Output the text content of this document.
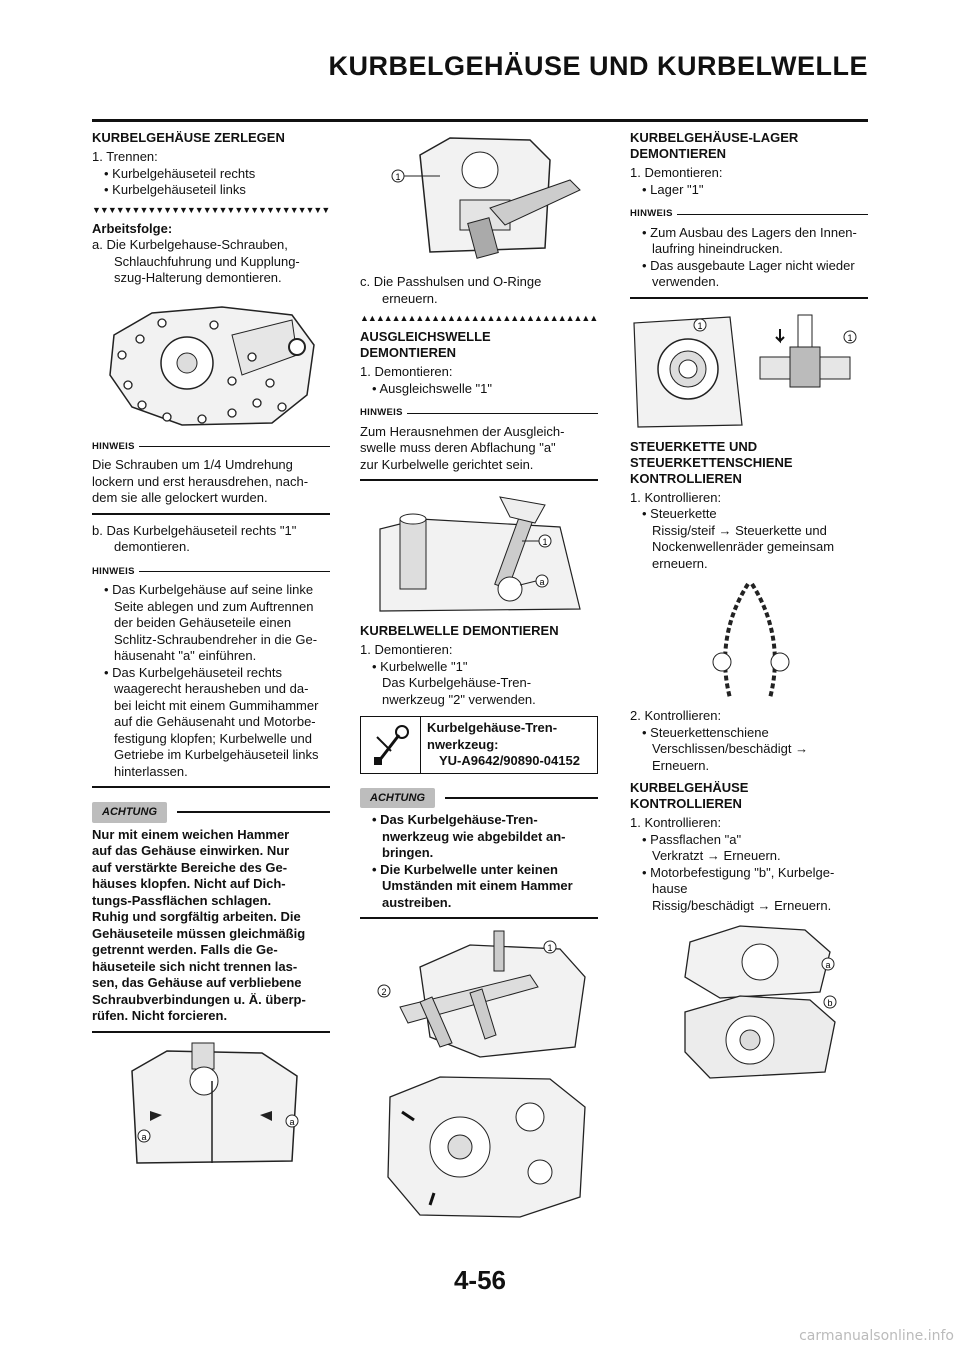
KURBELGEHÄUSE UND KURBELWELLE
KURBELGEHÄUSE ZERLEGEN

1. Trennen:

• Kurbelgehäuseteil rechts

• Kurbelgehäuseteil links

▼▼▼▼▼▼▼▼▼▼▼▼▼▼▼▼▼▼▼▼▼▼▼▼▼▼▼▼▼▼

Arbeitsfolge:

a. Die Kurbelgehause-Schrauben,

Schlauchfuhrung und Kupplung-

szug-Halterung demontieren.

HINWEIS

Die Schrauben um 1/4 Umdrehung

lockern und erst herausdrehen, nach-

dem sie alle gelockert wurden.

b. Das Kurbelgehäuseteil rechts "1"

demontieren.

HINWEIS

• Das Kurbelgehäuse auf seine linke

Seite ablegen und zum Auftrennen

der beiden Gehäuseteile einen

Schlitz-Schraubendreher in die Ge-

häusenaht "a" einführen.

• Das Kurbelgehäuseteil rechts

waagerecht herausheben und da-

bei leicht mit einem Gummihammer

auf die Gehäusenaht und Motorbe-

festigung klopfen; Kurbelwelle und

Getriebe im Kurbelgehäuseteil links

hinterlassen.

ACHTUNG

Nur mit einem weichen Hammer

auf das Gehäuse einwirken. Nur

auf verstärkte Bereiche des Ge-

häuses klopfen. Nicht auf Dich-

tungs-Passflächen schlagen.

Ruhig und sorgfältig arbeiten. Die

Gehäuseteile müssen gleichmäßig

getrennt werden. Falls die Ge-

häuseteile sich nicht trennen las-

sen, das Gehäuse auf verbliebene

Schraubverbindungen u. Ä. überp-

rüfen. Nicht forcieren.

a
a
1

c. Die Passhulsen und O-Ringe

erneuern.

▲▲▲▲▲▲▲▲▲▲▲▲▲▲▲▲▲▲▲▲▲▲▲▲▲▲▲▲▲▲
AUSGLEICHSWELLE
DEMONTIEREN

1. Demontieren:

• Ausgleichswelle "1"

HINWEIS

Zum Herausnehmen der Ausgleich-

swelle muss deren Abflachung "a"

zur Kurbelwelle gerichtet sein.

1
a
KURBELWELLE DEMONTIEREN

1. Demontieren:

• Kurbelwelle "1"

Das Kurbelgehäuse-Tren-

nwerkzeug "2" verwenden.

Kurbelgehäuse-Tren-

nwerkzeug:

YU-A9642/90890-04152

ACHTUNG

• Das Kurbelgehäuse-Tren-

nwerkzeug wie abgebildet an-

bringen.

• Die Kurbelwelle unter keinen

Umständen mit einem Hammer

austreiben.

1
2
KURBELGEHÄUSE-LAGER
DEMONTIEREN

1. Demontieren:

• Lager "1"

HINWEIS

• Zum Ausbau des Lagers den Innen-

laufring hineindrucken.

• Das ausgebaute Lager nicht wieder

verwenden.

1
1
STEUERKETTE UND
STEUERKETTENSCHIENE
KONTROLLIEREN

1. Kontrollieren:

• Steuerkette

Rissig/steif → Steuerkette und

Nockenwellenräder gemeinsam

erneuern.

2. Kontrollieren:

• Steuerkettenschiene

Verschlissen/beschädigt →

Erneuern.

KURBELGEHÄUSE
KONTROLLIEREN

1. Kontrollieren:

• Passflachen "a"

Verkratzt → Erneuern.

• Motorbefestigung "b", Kurbelge-

hause

Rissig/beschädigt → Erneuern.

a
b
4-56
carmanualsonline.info
